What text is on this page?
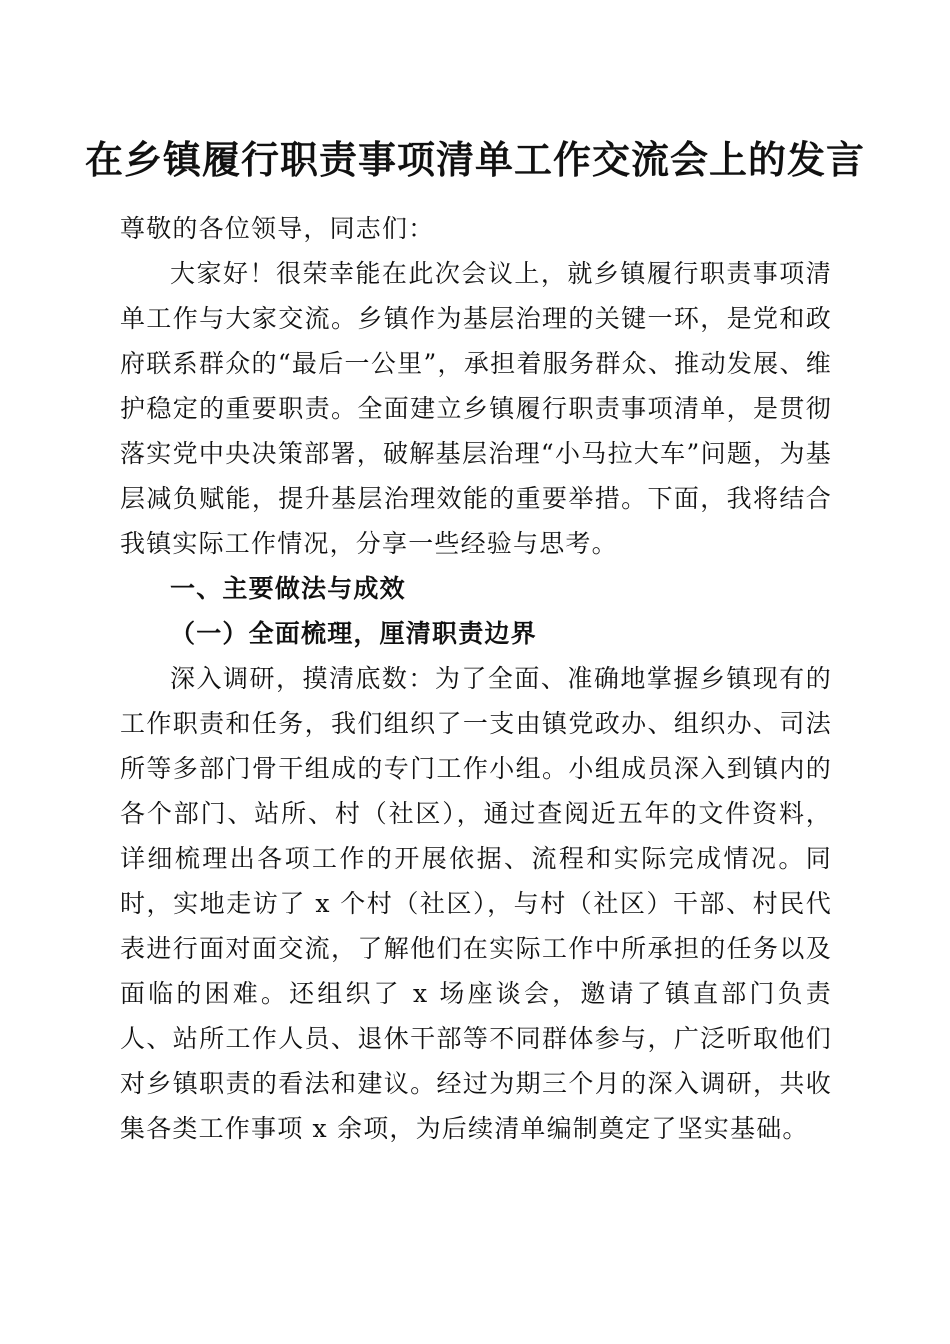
在乡镇履行职责事项清单工作交流会上的发言

尊敬的各位领导，同志们：

大家好！很荣幸能在此次会议上，就乡镇履行职责事项清单工作与大家交流。乡镇作为基层治理的关键一环，是党和政府联系群众的“最后一公里”，承担着服务群众、推动发展、维护稳定的重要职责。全面建立乡镇履行职责事项清单，是贯彻落实党中央决策部署，破解基层治理“小马拉大车”问题，为基层减负赋能，提升基层治理效能的重要举措。下面，我将结合我镇实际工作情况，分享一些经验与思考。

一、主要做法与成效

（一）全面梳理，厘清职责边界

深入调研，摸清底数：为了全面、准确地掌握乡镇现有的工作职责和任务，我们组织了一支由镇党政办、组织办、司法所等多部门骨干组成的专门工作小组。小组成员深入到镇内的各个部门、站所、村（社区），通过查阅近五年的文件资料，详细梳理出各项工作的开展依据、流程和实际完成情况。同时，实地走访了 x 个村（社区），与村（社区）干部、村民代表进行面对面交流，了解他们在实际工作中所承担的任务以及面临的困难。还组织了 x 场座谈会，邀请了镇直部门负责人、站所工作人员、退休干部等不同群体参与，广泛听取他们对乡镇职责的看法和建议。经过为期三个月的深入调研，共收集各类工作事项 x 余项，为后续清单编制奠定了坚实基础。
